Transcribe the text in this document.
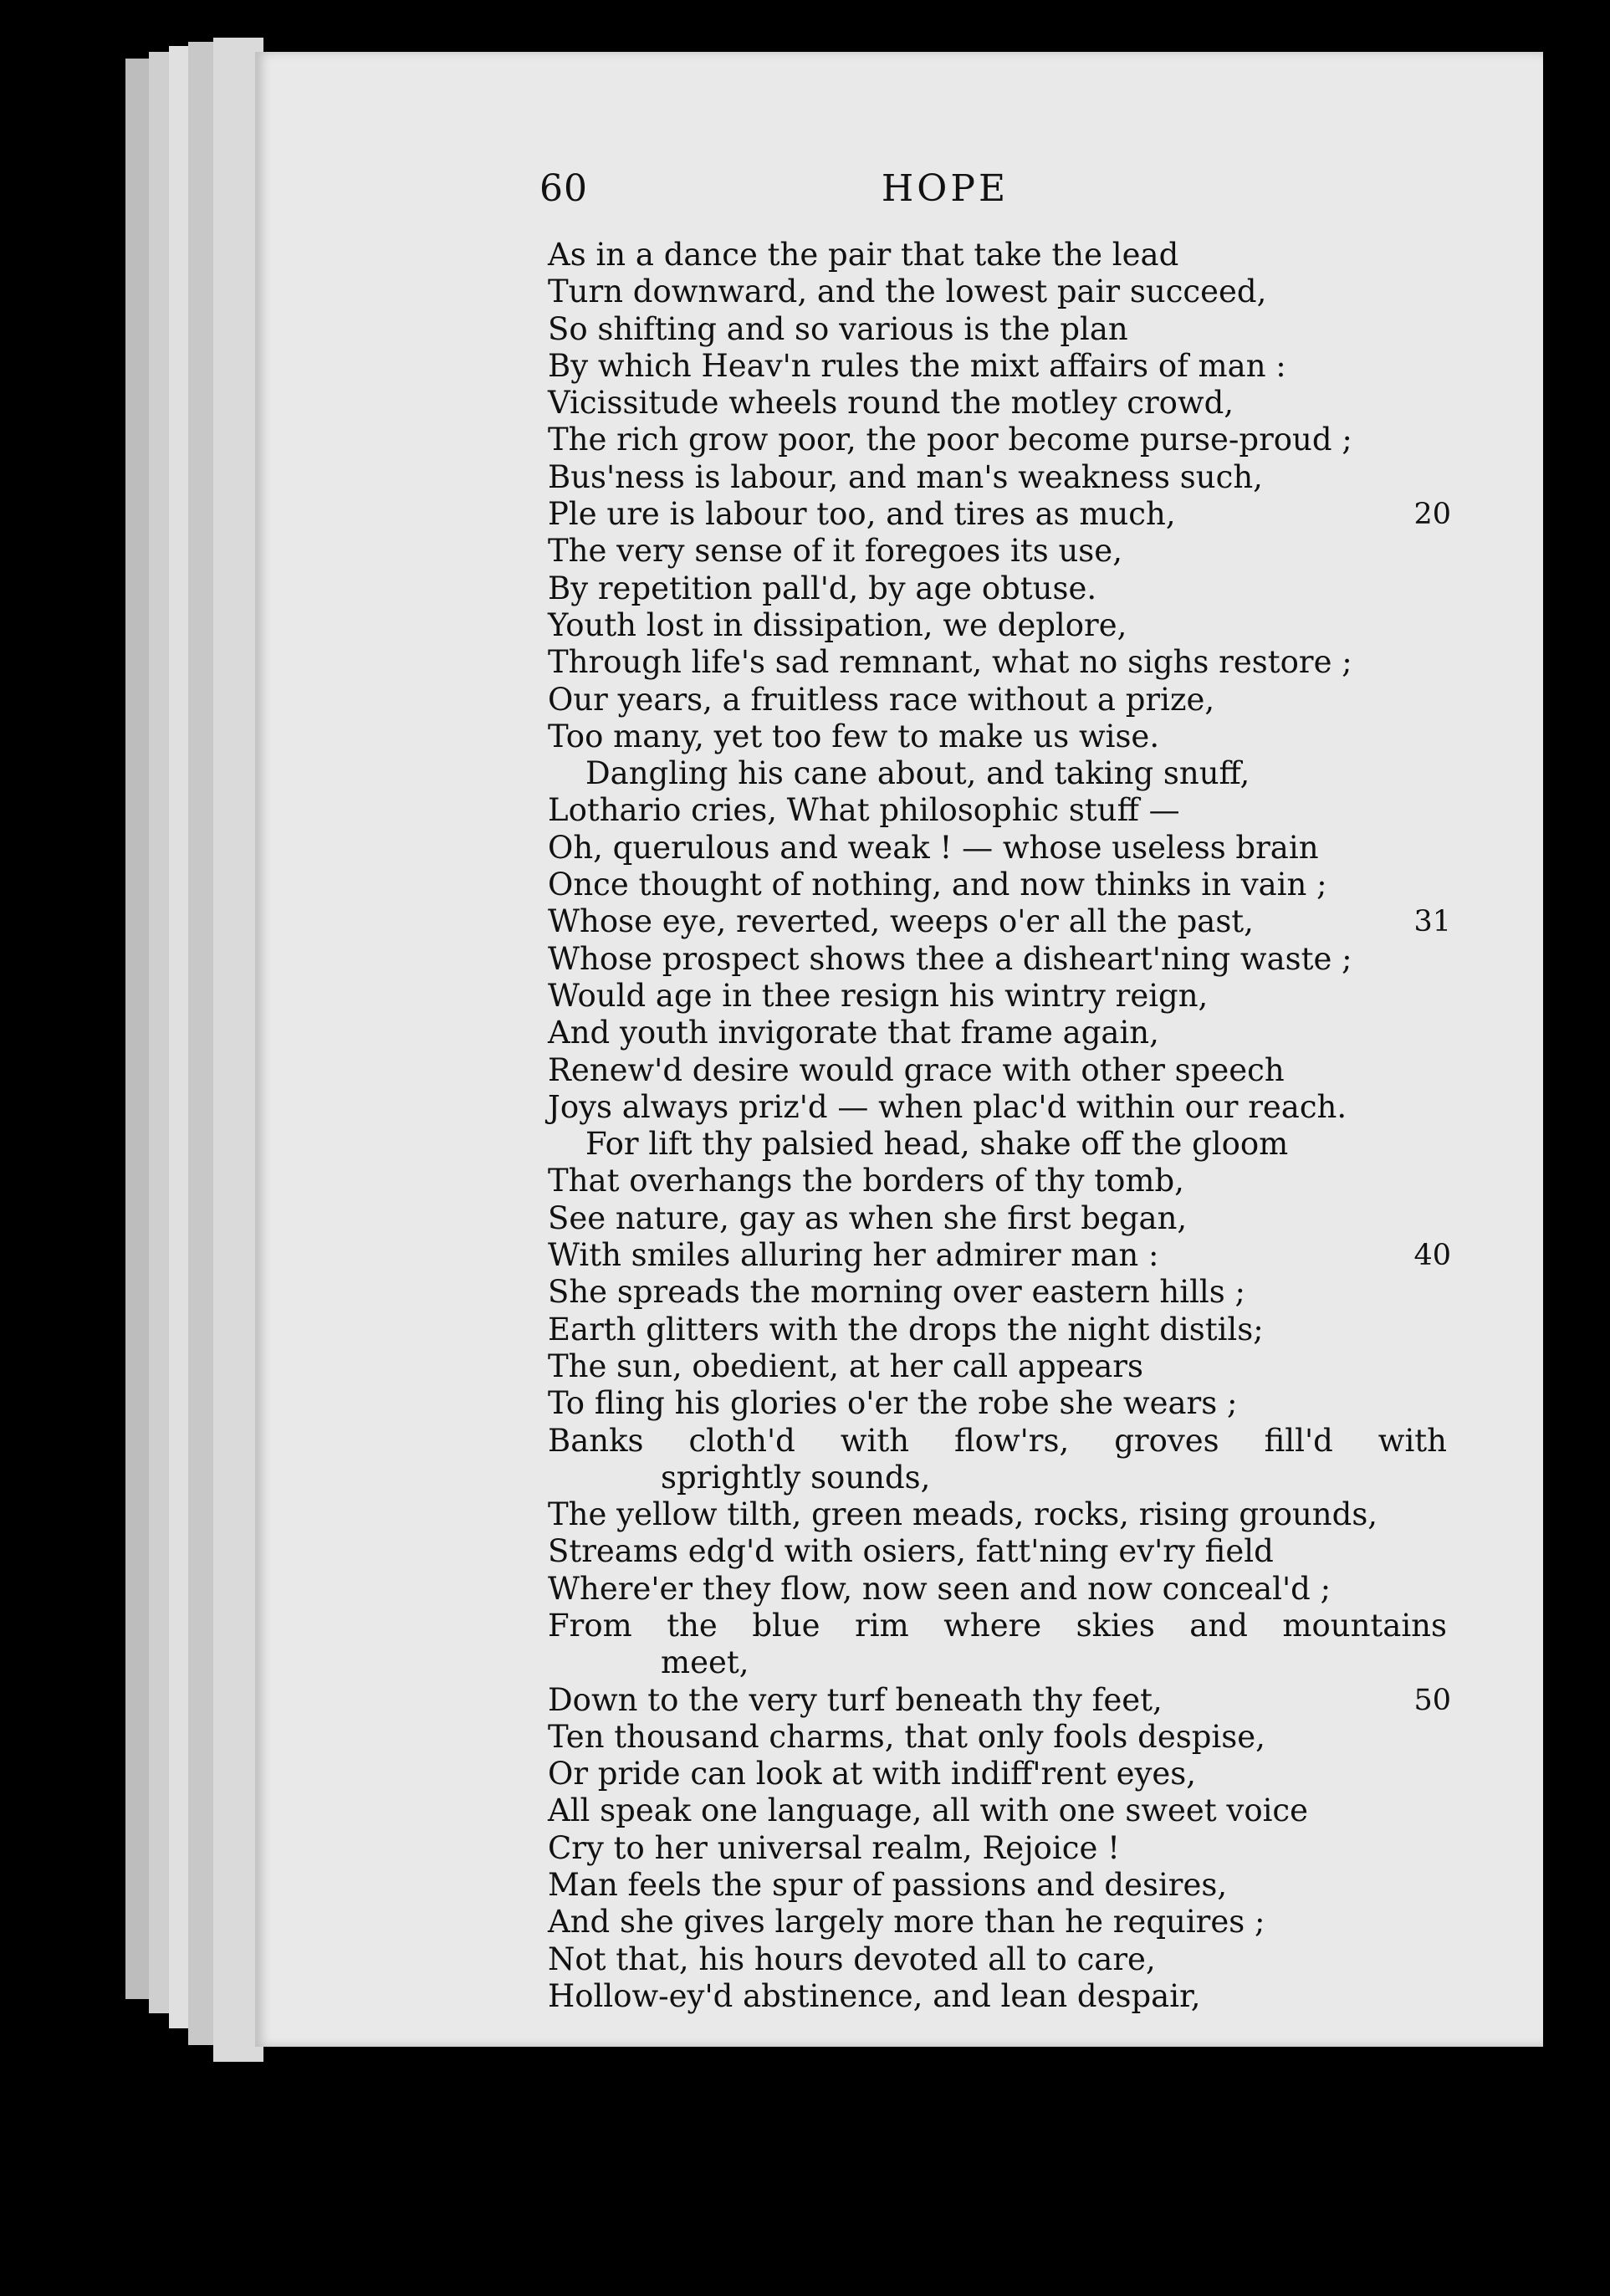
60	HOPE
As in a dance the pair that take the lead
Turn downward, and the lowest pair succeed,
So shifting and so various is the plan
By which Heav'n rules the mixt affairs of man :
Vicissitude wheels round the motley crowd,
The rich grow poor, the poor become purse-proud ;
Bus'ness is labour, and man's weakness such,
Ple ure is labour too, and tires as much,	20
The very sense of it foregoes its use,
By repetition pall'd, by age obtuse.
Youth lost in dissipation, we deplore,
Through life's sad remnant, what no sighs restore ;
Our years, a fruitless race without a prize,
Too many, yet too few to make us wise.
Dangling his cane about, and taking snuff,
Lothario cries, What philosophic stuff —
Oh, querulous and weak ! — whose useless brain
Once thought of nothing, and now thinks in vain ;
Whose eye, reverted, weeps o'er all the past,	31
Whose prospect shows thee a disheart'ning waste ;
Would age in thee resign his wintry reign,
And youth invigorate that frame again,
Renew'd desire would grace with other speech
Joys always priz'd — when plac'd within our reach.
For lift thy palsied head, shake off the gloom
That overhangs the borders of thy tomb,
See nature, gay as when she first began,
With smiles alluring her admirer man :	40
She spreads the morning over eastern hills ;
Earth glitters with the drops the night distils;
The sun, obedient, at her call appears
To fling his glories o'er the robe she wears ;
Banks cloth'd with flow'rs, groves fill'd with
sprightly sounds,
The yellow tilth, green meads, rocks, rising grounds,
Streams edg'd with osiers, fatt'ning ev'ry field
Where'er they flow, now seen and now conceal'd ;
From the blue rim where skies and mountains
meet,
Down to the very turf beneath thy feet,	50
Ten thousand charms, that only fools despise,
Or pride can look at with indiff'rent eyes,
All speak one language, all with one sweet voice
Cry to her universal realm, Rejoice !
Man feels the spur of passions and desires,
And she gives largely more than he requires ;
Not that, his hours devoted all to care,
Hollow-ey'd abstinence, and lean despair,
